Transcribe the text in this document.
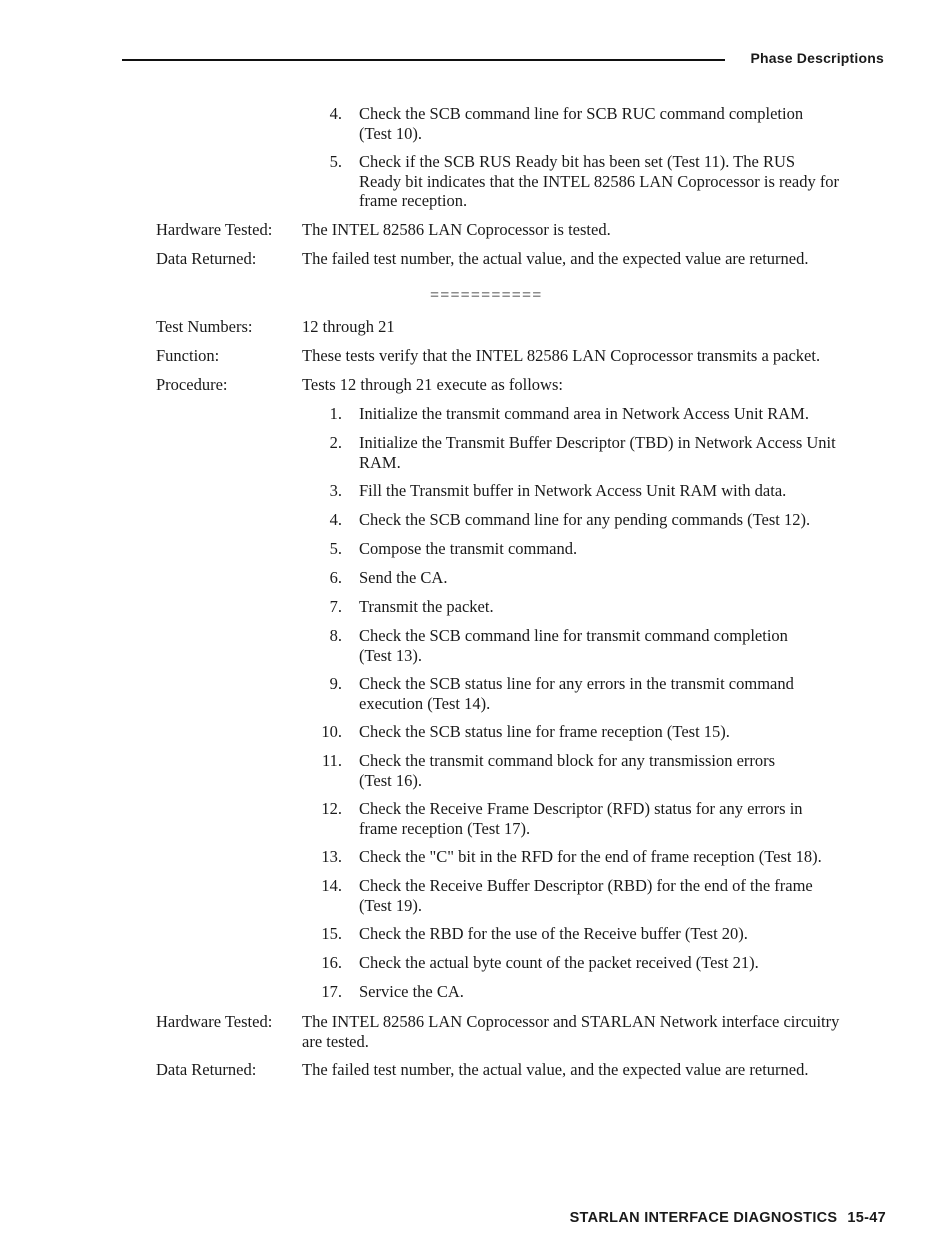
Phase Descriptions
4. Check the SCB command line for SCB RUC command completion
(Test 10).
5. Check if the SCB RUS Ready bit has been set (Test 11). The RUS
Ready bit indicates that the INTEL 82586 LAN Coprocessor is ready for
frame reception.
Hardware Tested: The INTEL 82586 LAN Coprocessor is tested.
Data Returned:	The failed test number, the actual value, and the expected value are returned.
===========
Test Numbers:	12 through 21
Function:	These tests verify that the INTEL 82586 LAN Coprocessor transmits a packet.
Procedure:	Tests 12 through 21 execute as follows:
1. Initialize the transmit command area in Network Access Unit RAM.
2. Initialize the Transmit Buffer Descriptor (TBD) in Network Access Unit
RAM.
3. Fill the Transmit buffer in Network Access Unit RAM with data.
4. Check the SCB command line for any pending commands (Test 12).
5. Compose the transmit command.
6. Send the CA.
7. Transmit the packet.
8. Check the SCB command line for transmit command completion
(Test 13).
9. Check the SCB status line for any errors in the transmit command
execution (Test 14).
10. Check the SCB status line for frame reception (Test 15).
11. Check the transmit command block for any transmission errors
(Test 16).
12. Check the Receive Frame Descriptor (RFD) status for any errors in
frame reception (Test 17).
13. Check the "C" bit in the RFD for the end of frame reception (Test 18).
14. Check the Receive Buffer Descriptor (RBD) for the end of the frame
(Test 19).
15. Check the RBD for the use of the Receive buffer (Test 20).
16. Check the actual byte count of the packet received (Test 21).
17. Service the CA.
Hardware Tested: The INTEL 82586 LAN Coprocessor and STARLAN Network interface circuitry
are tested.
Data Returned:	The failed test number, the actual value, and the expected value are returned.
STARLAN INTERFACE DIAGNOSTICS 15-47
